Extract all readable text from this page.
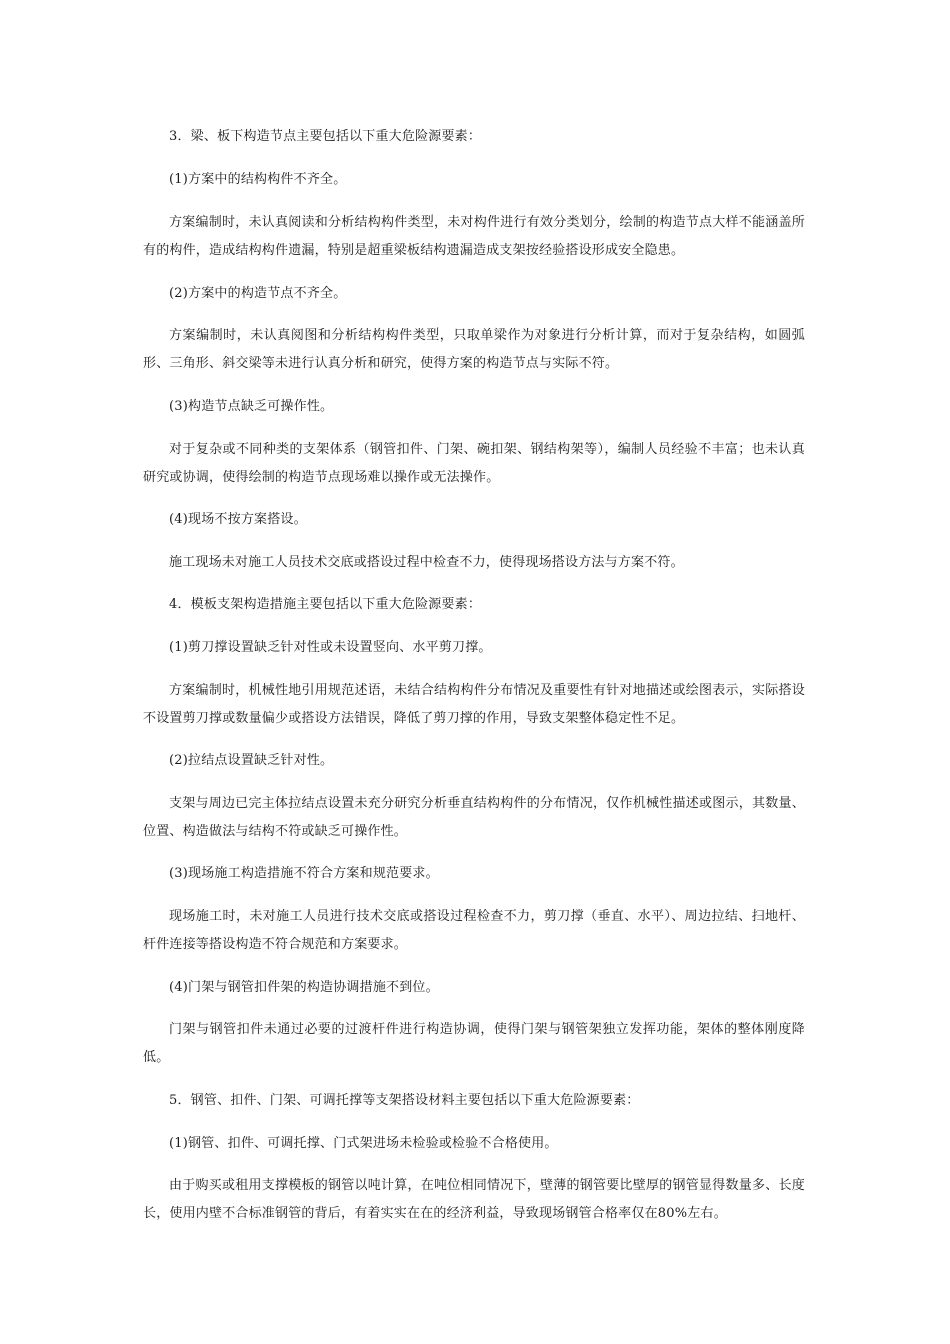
3．梁、板下构造节点主要包括以下重大危险源要素：

(1)方案中的结构构件不齐全。

方案编制时，未认真阅读和分析结构构件类型，未对构件进行有效分类划分，绘制的构造节点大样不能涵盖所有的构件，造成结构构件遗漏，特别是超重梁板结构遗漏造成支架按经验搭设形成安全隐患。

(2)方案中的构造节点不齐全。

方案编制时，未认真阅图和分析结构构件类型，只取单梁作为对象进行分析计算，而对于复杂结构，如圆弧形、三角形、斜交梁等未进行认真分析和研究，使得方案的构造节点与实际不符。

(3)构造节点缺乏可操作性。

对于复杂或不同种类的支架体系（钢管扣件、门架、碗扣架、钢结构架等），编制人员经验不丰富；也未认真研究或协调，使得绘制的构造节点现场难以操作或无法操作。

(4)现场不按方案搭设。

施工现场未对施工人员技术交底或搭设过程中检查不力，使得现场搭设方法与方案不符。

4．模板支架构造措施主要包括以下重大危险源要素：

(1)剪刀撑设置缺乏针对性或未设置竖向、水平剪刀撑。

方案编制时，机械性地引用规范述语，未结合结构构件分布情况及重要性有针对地描述或绘图表示，实际搭设不设置剪刀撑或数量偏少或搭设方法错误，降低了剪刀撑的作用，导致支架整体稳定性不足。

(2)拉结点设置缺乏针对性。

支架与周边已完主体拉结点设置未充分研究分析垂直结构构件的分布情况，仅作机械性描述或图示，其数量、位置、构造做法与结构不符或缺乏可操作性。

(3)现场施工构造措施不符合方案和规范要求。

现场施工时，未对施工人员进行技术交底或搭设过程检查不力，剪刀撑（垂直、水平）、周边拉结、扫地杆、杆件连接等搭设构造不符合规范和方案要求。

(4)门架与钢管扣件架的构造协调措施不到位。

门架与钢管扣件未通过必要的过渡杆件进行构造协调，使得门架与钢管架独立发挥功能，架体的整体刚度降低。

5．钢管、扣件、门架、可调托撑等支架搭设材料主要包括以下重大危险源要素：

(1)钢管、扣件、可调托撑、门式架进场未检验或检验不合格使用。

由于购买或租用支撑模板的钢管以吨计算，在吨位相同情况下，壁薄的钢管要比壁厚的钢管显得数量多、长度长，使用内壁不合标准钢管的背后，有着实实在在的经济利益，导致现场钢管合格率仅在80%左右。
